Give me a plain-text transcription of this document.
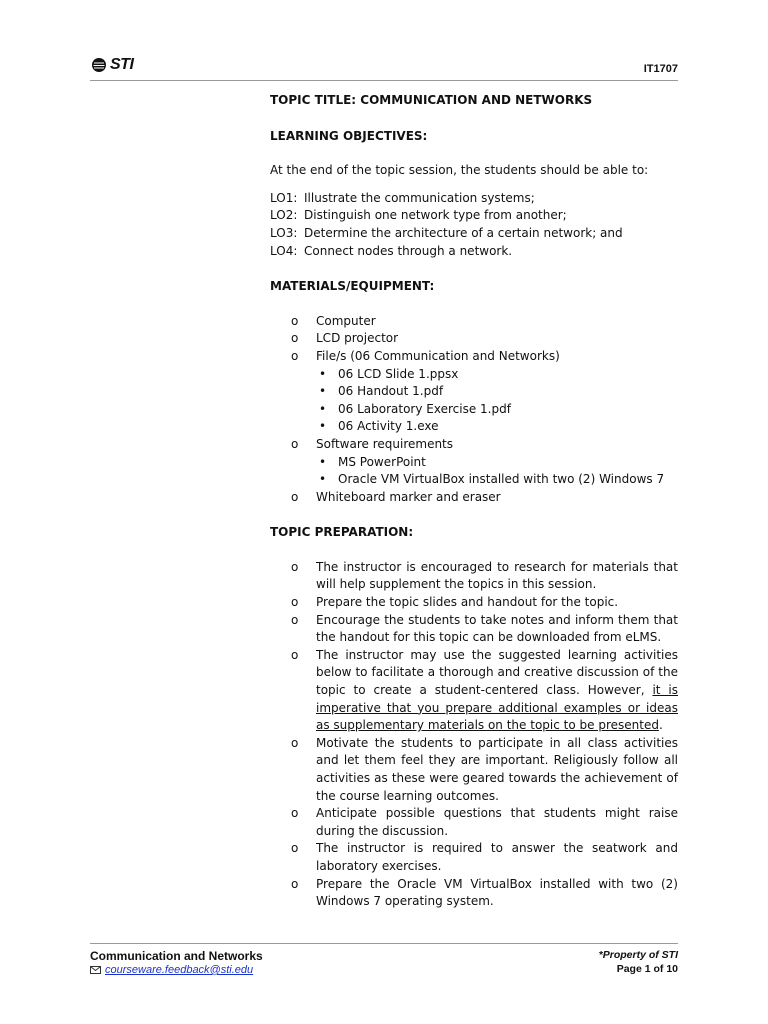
STI	IT1707

TOPIC TITLE: COMMUNICATION AND NETWORKS

LEARNING OBJECTIVES:

At the end of the topic session, the students should be able to:

LO1: Illustrate the communication systems;
LO2: Distinguish one network type from another;
LO3: Determine the architecture of a certain network; and
LO4: Connect nodes through a network.

MATERIALS/EQUIPMENT:

o	Computer
o	LCD projector
o	File/s (06 Communication and Networks)
• 06 LCD Slide 1.ppsx
• 06 Handout 1.pdf
• 06 Laboratory Exercise 1.pdf
• 06 Activity 1.exe
o	Software requirements
• MS PowerPoint
• Oracle VM VirtualBox installed with two (2) Windows 7
o	Whiteboard marker and eraser

TOPIC PREPARATION:

o	The instructor is encouraged to research for materials that will help supplement the topics in this session.
o	Prepare the topic slides and handout for the topic.
o	Encourage the students to take notes and inform them that the handout for this topic can be downloaded from eLMS.
o	The instructor may use the suggested learning activities below to facilitate a thorough and creative discussion of the topic to create a student-centered class. However, it is imperative that you prepare additional examples or ideas as supplementary materials on the topic to be presented.
o	Motivate the students to participate in all class activities and let them feel they are important. Religiously follow all activities as these were geared towards the achievement of the course learning outcomes.
o	Anticipate possible questions that students might raise during the discussion.
o	The instructor is required to answer the seatwork and laboratory exercises.
o	Prepare the Oracle VM VirtualBox installed with two (2) Windows 7 operating system.
Communication and Networks
courseware.feedback@sti.edu
*Property of STI
Page 1 of 10
